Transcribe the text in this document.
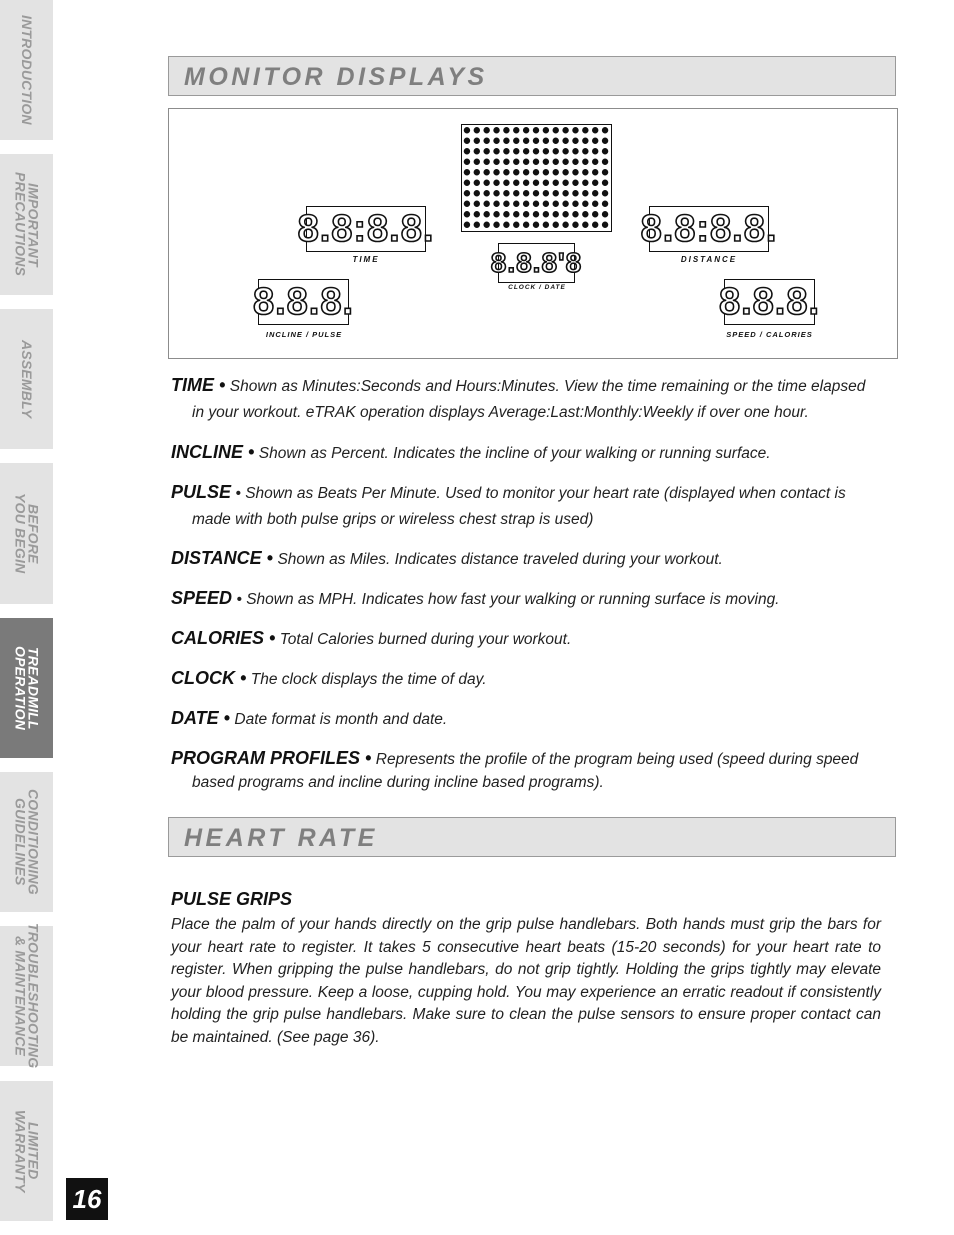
INTRODUCTION
IMPORTANT
PRECAUTIONS
ASSEMBLY
BEFORE
YOU BEGIN
TREADMILL
OPERATION
CONDITIONING
GUIDELINES
TROUBLESHOOTING
& MAINTENANCE
LIMITED
WARRANTY
MONITOR DISPLAYS
8.8:8.8.
TIME
8.8:8.8.
DISTANCE
8.8.8'8
CLOCK / DATE
8.8.8.
INCLINE / PULSE
8.8.8.
SPEED / CALORIES

TIME • Shown as Minutes:Seconds and Hours:Minutes. View the time remaining or the time elapsed in your workout. eTRAK operation displays Average:Last:Monthly:Weekly if over one hour.

INCLINE • Shown as Percent. Indicates the incline of your walking or running surface.

PULSE • Shown as Beats Per Minute. Used to monitor your heart rate (displayed when contact is made with both pulse grips or wireless chest strap is used)

DISTANCE • Shown as Miles. Indicates distance traveled during your workout.

SPEED • Shown as MPH. Indicates how fast your walking or running surface is moving.

CALORIES • Total Calories burned during your workout.

CLOCK • The clock displays the time of day.

DATE • Date format is month and date.

PROGRAM PROFILES • Represents the profile of the program being used (speed during speed based programs and incline during incline based programs).

HEART RATE
PULSE GRIPS

Place the palm of your hands directly on the grip pulse handlebars. Both hands must grip the bars for your heart rate to register. It takes 5 consecutive heart beats (15-20 seconds) for your heart rate to register. When gripping the pulse handlebars, do not grip tightly. Holding the grips tightly may elevate your blood pressure. Keep a loose, cupping hold. You may experience an erratic readout if consistently holding the grip pulse handlebars. Make sure to clean the pulse sensors to ensure proper contact can be maintained. (See page 36).

16
